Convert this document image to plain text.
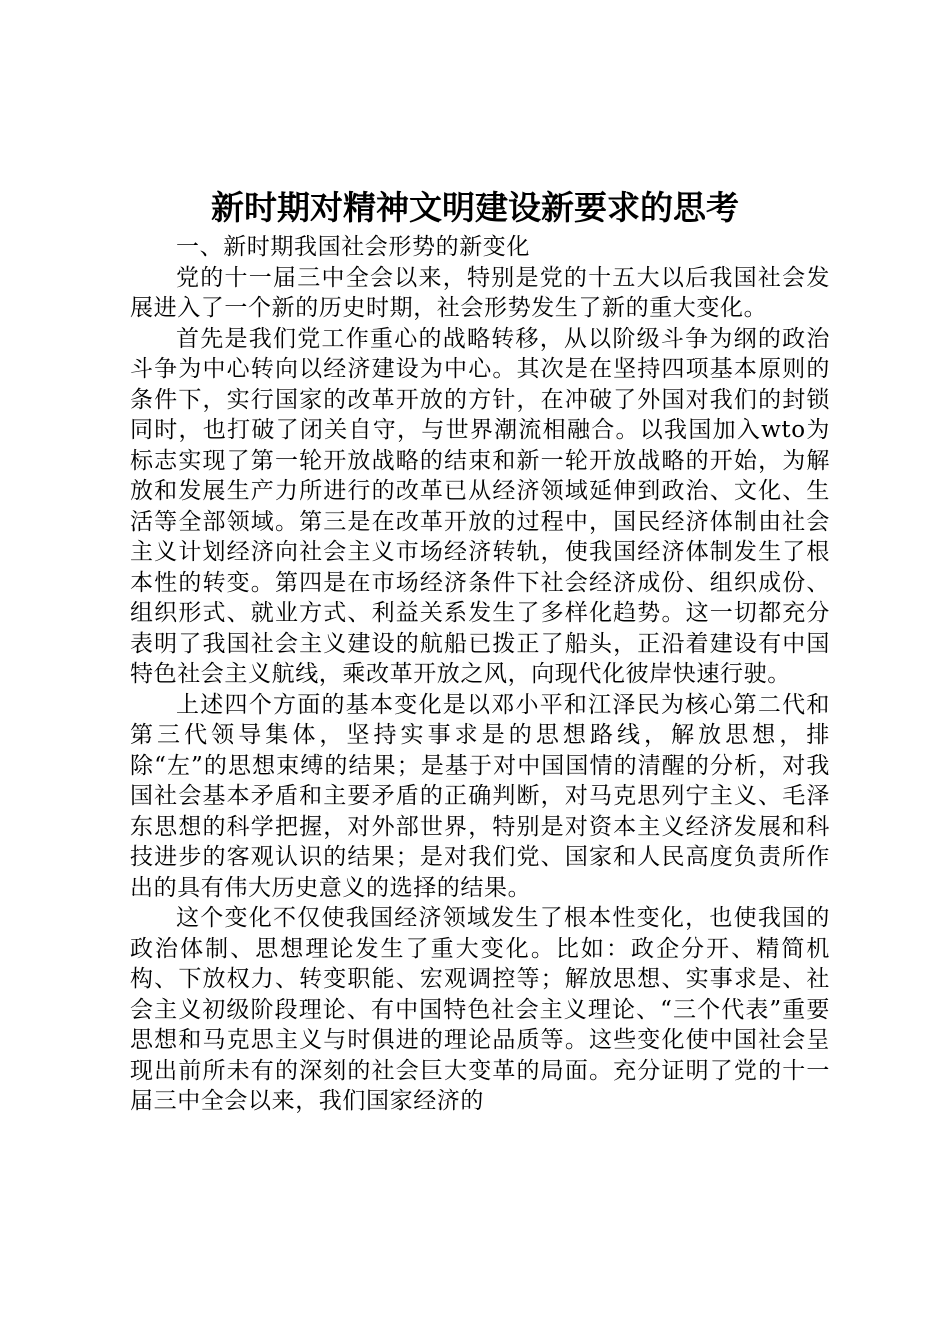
新时期对精神文明建设新要求的思考

一、新时期我国社会形势的新变化

党的十一届三中全会以来，特别是党的十五大以后我国社会发展进入了一个新的历史时期，社会形势发生了新的重大变化。

首先是我们党工作重心的战略转移，从以阶级斗争为纲的政治斗争为中心转向以经济建设为中心。其次是在坚持四项基本原则的条件下，实行国家的改革开放的方针，在冲破了外国对我们的封锁同时，也打破了闭关自守，与世界潮流相融合。以我国加入wto为标志实现了第一轮开放战略的结束和新一轮开放战略的开始，为解放和发展生产力所进行的改革已从经济领域延伸到政治、文化、生活等全部领域。第三是在改革开放的过程中，国民经济体制由社会主义计划经济向社会主义市场经济转轨，使我国经济体制发生了根本性的转变。第四是在市场经济条件下社会经济成份、组织成份、组织形式、就业方式、利益关系发生了多样化趋势。这一切都充分表明了我国社会主义建设的航船已拨正了船头，正沿着建设有中国特色社会主义航线，乘改革开放之风，向现代化彼岸快速行驶。

上述四个方面的基本变化是以邓小平和江泽民为核心第二代和第三代领导集体，坚持实事求是的思想路线，解放思想，排除“左”的思想束缚的结果；是基于对中国国情的清醒的分析，对我国社会基本矛盾和主要矛盾的正确判断，对马克思列宁主义、毛泽东思想的科学把握，对外部世界，特别是对资本主义经济发展和科技进步的客观认识的结果；是对我们党、国家和人民高度负责所作出的具有伟大历史意义的选择的结果。

这个变化不仅使我国经济领域发生了根本性变化，也使我国的政治体制、思想理论发生了重大变化。比如：政企分开、精简机构、下放权力、转变职能、宏观调控等；解放思想、实事求是、社会主义初级阶段理论、有中国特色社会主义理论、“三个代表”重要思想和马克思主义与时俱进的理论品质等。这些变化使中国社会呈现出前所未有的深刻的社会巨大变革的局面。充分证明了党的十一届三中全会以来，我们国家经济的
